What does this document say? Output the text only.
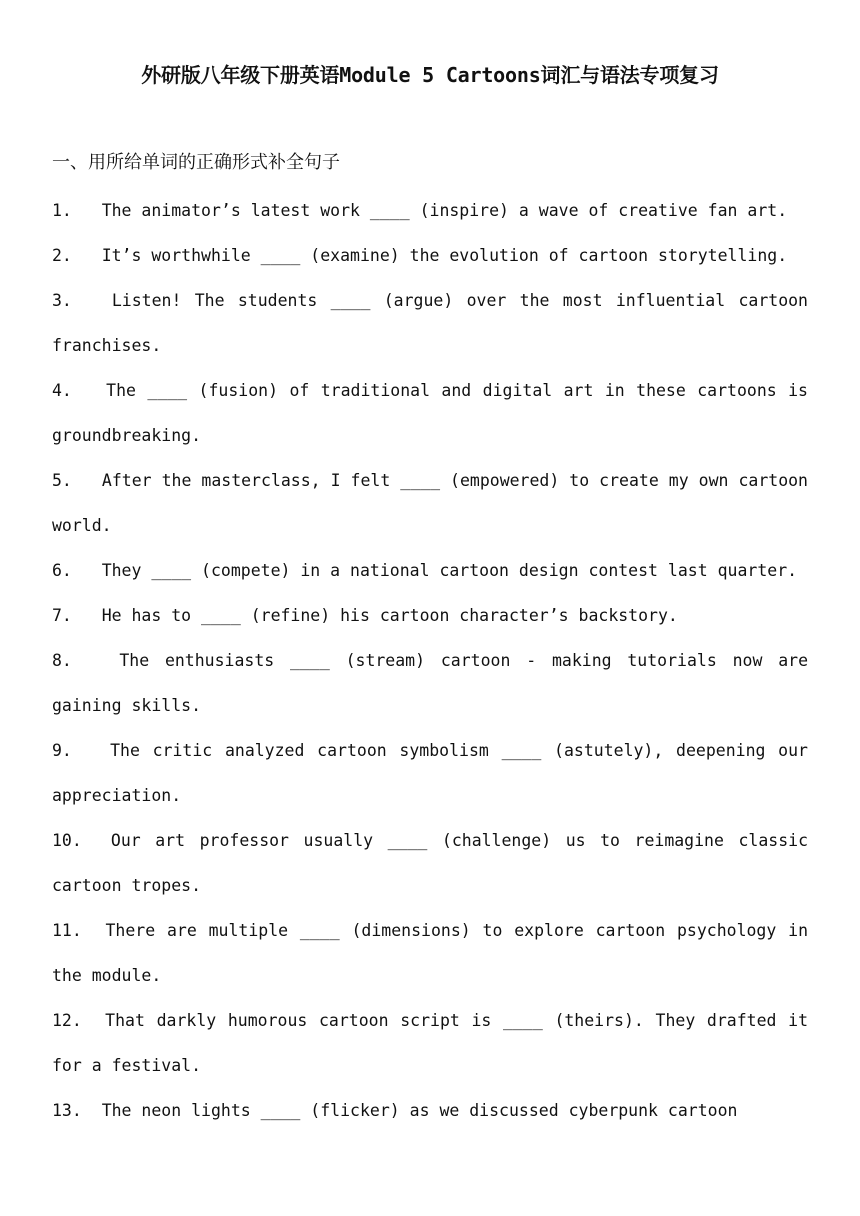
外研版八年级下册英语Module 5 Cartoons词汇与语法专项复习
一、用所给单词的正确形式补全句子
1. The animator’s latest work ____ (inspire) a wave of creative fan art.
2. It’s worthwhile ____ (examine) the evolution of cartoon storytelling.
3. Listen! The students ____ (argue) over the most influential cartoon franchises.
4. The ____ (fusion) of traditional and digital art in these cartoons is groundbreaking.
5. After the masterclass, I felt ____ (empowered) to create my own cartoon world.
6. They ____ (compete) in a national cartoon design contest last quarter.
7. He has to ____ (refine) his cartoon character’s backstory.
8.	The enthusiasts ____ (stream) cartoon - making tutorials now are gaining skills.
9. The critic analyzed cartoon symbolism ____ (astutely), deepening our appreciation.
10. Our art professor usually ____ (challenge) us to reimagine classic cartoon tropes.
11. There are multiple ____ (dimensions) to explore cartoon psychology in the module.
12. That darkly humorous cartoon script is ____ (theirs). They drafted it for a festival.
13. The neon lights ____ (flicker) as we discussed cyberpunk cartoon
